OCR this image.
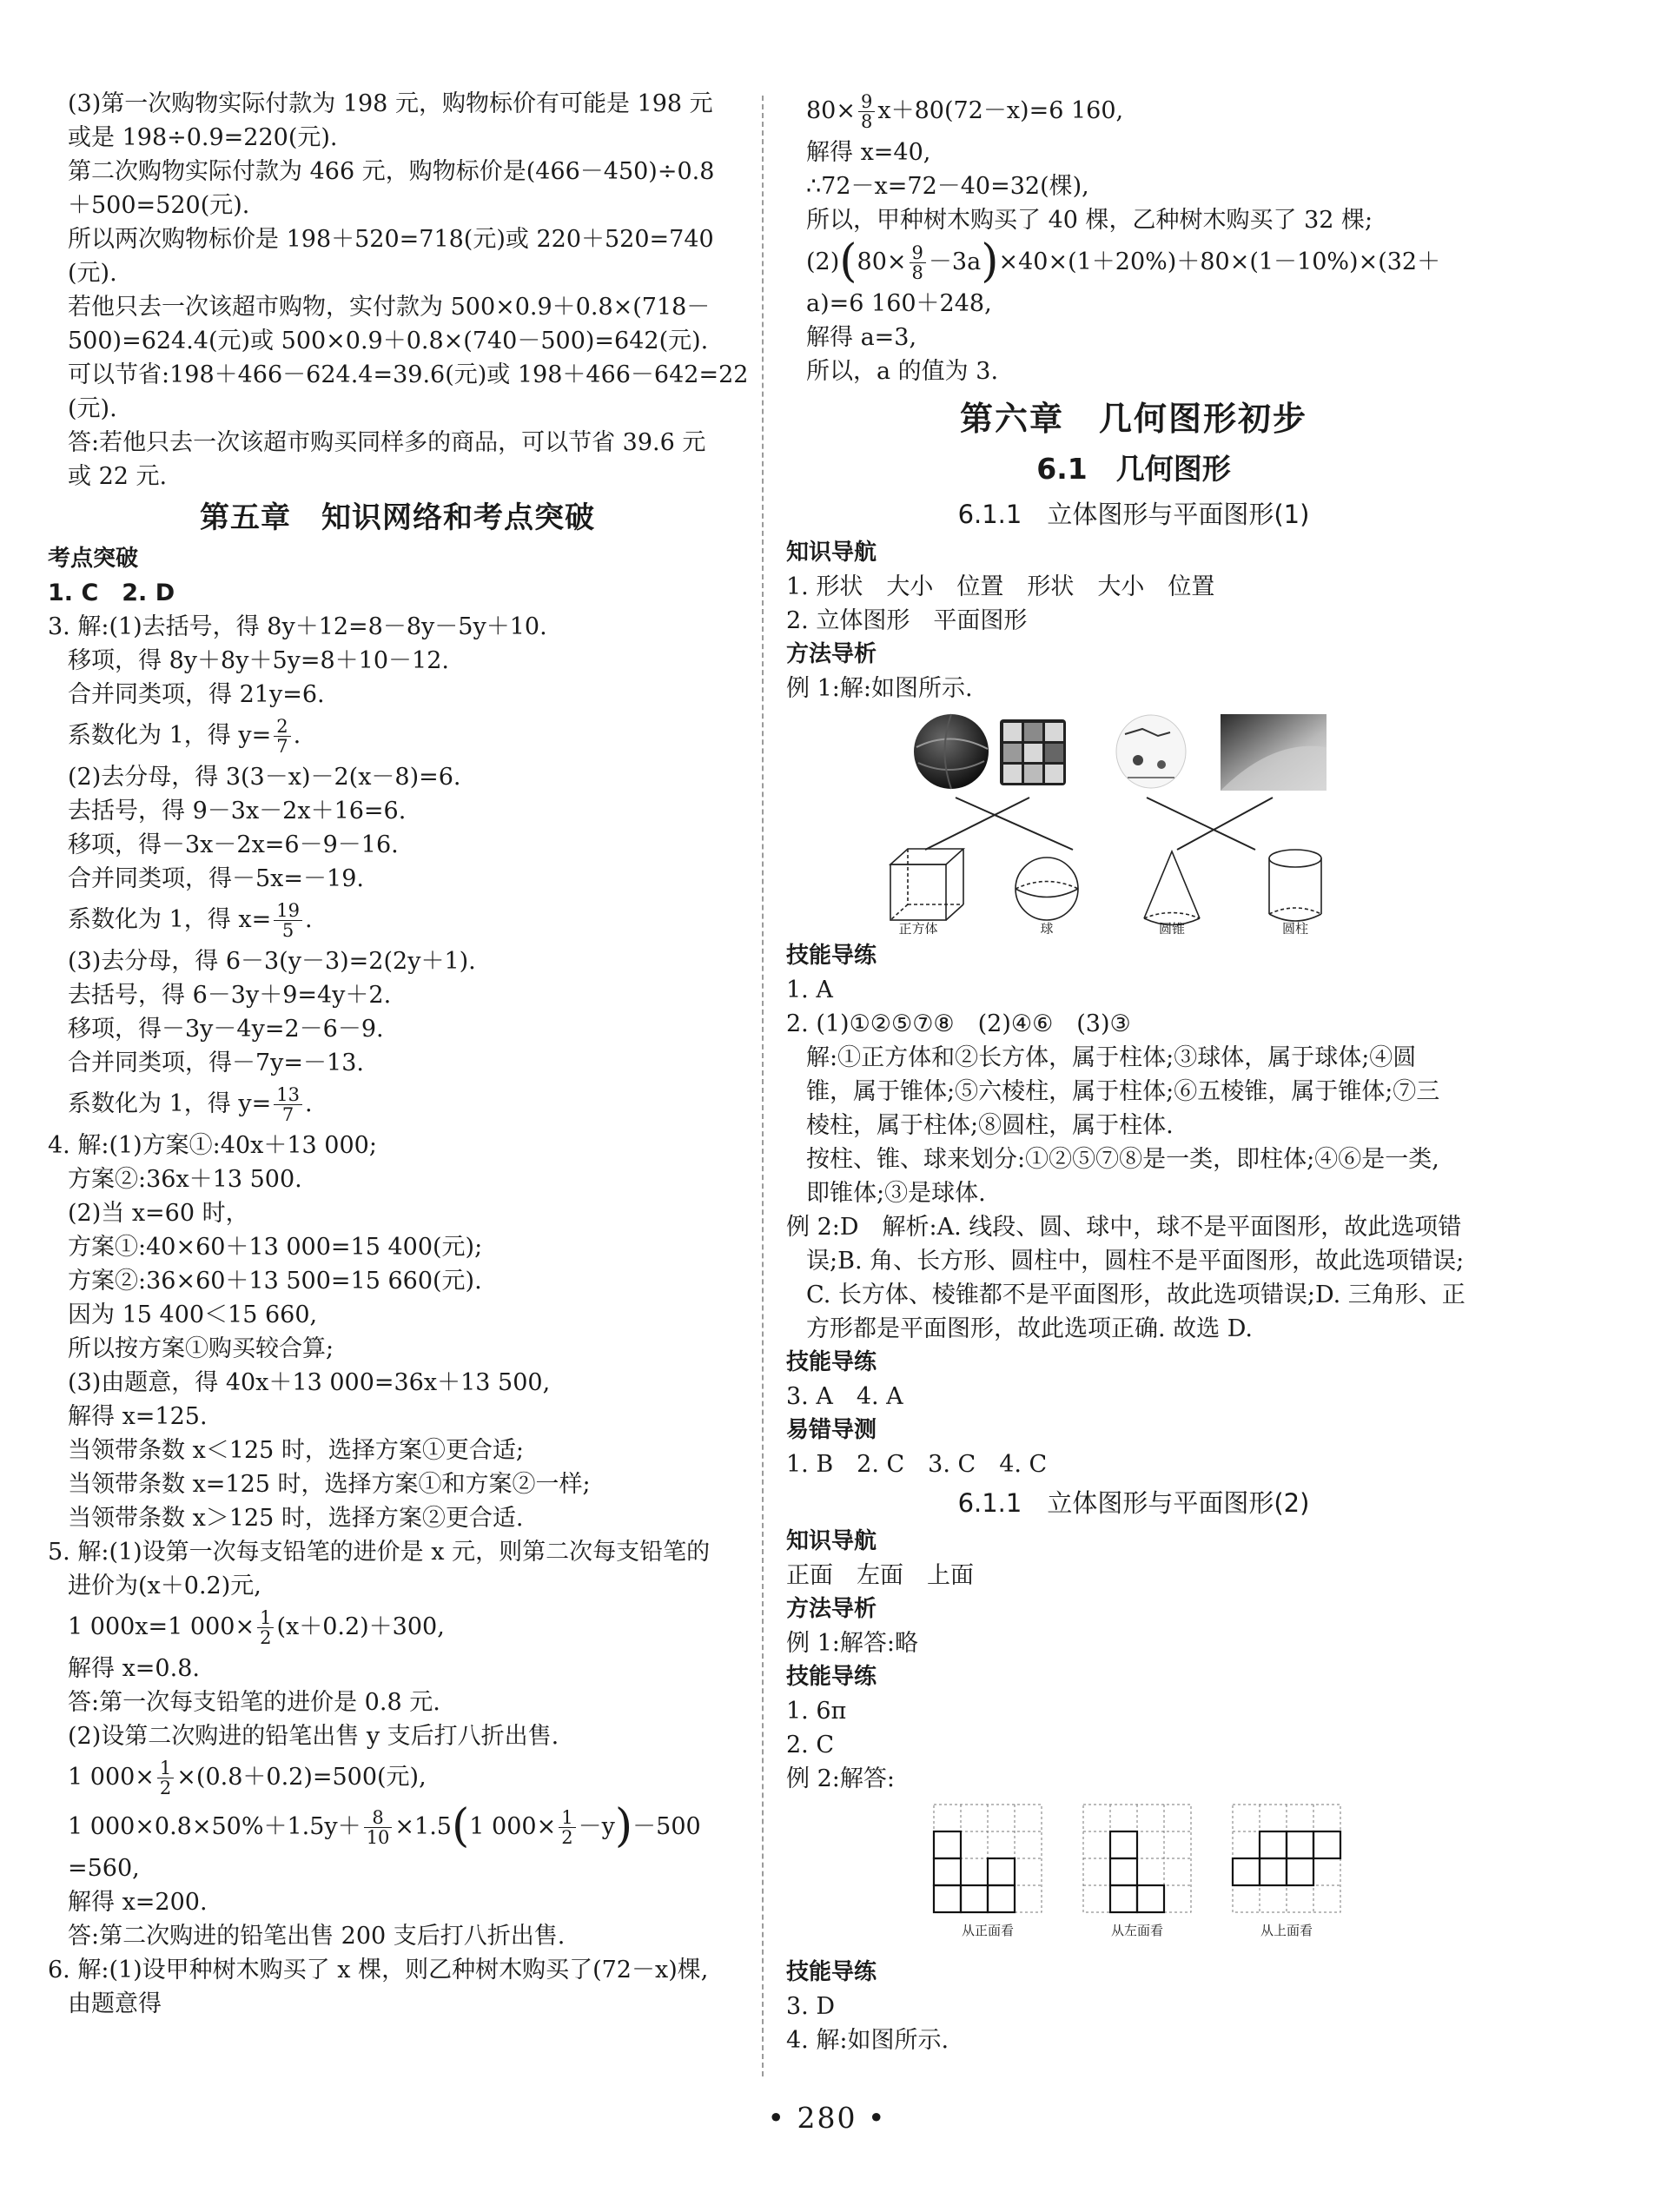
(3)第一次购物实际付款为 198 元，购物标价有可能是 198 元
或是 198÷0.9=220(元).
第二次购物实际付款为 466 元，购物标价是(466－450)÷0.8
＋500=520(元).
所以两次购物标价是 198＋520=718(元)或 220＋520=740
(元).
若他只去一次该超市购物，实付款为 500×0.9＋0.8×(718－
500)=624.4(元)或 500×0.9＋0.8×(740－500)=642(元).
可以节省:198＋466－624.4=39.6(元)或 198＋466－642=22
(元).
答:若他只去一次该超市购买同样多的商品，可以节省 39.6 元
或 22 元.
第五章　知识网络和考点突破
考点突破
1. C　2. D
3. 解:(1)去括号，得 8y＋12=8－8y－5y＋10.
移项，得 8y＋8y＋5y=8＋10－12.
合并同类项，得 21y=6.
系数化为 1，得 $y= \frac{2}{7}$ .
(2)去分母，得 3(3－x)－2(x－8)=6.
去括号，得 9－3x－2x＋16=6.
移项，得－3x－2x=6－9－16.
合并同类项，得－5x=－19.
系数化为 1，得 $x= \frac{19}{5}$ .
(3)去分母，得 6－3(y－3)=2(2y＋1).
去括号，得 6－3y＋9=4y＋2.
移项，得－3y－4y=2－6－9.
合并同类项，得－7y=－13.
系数化为 1，得 $y= \frac{13}{7}$ .
4. 解:(1)方案①:40x＋13 000;
方案②:36x＋13 500.
(2)当 x=60 时，
方案①:40×60＋13 000=15 400(元);
方案②:36×60＋13 500=15 660(元).
因为 15 400＜15 660,
所以按方案①购买较合算;
(3)由题意，得 40x＋13 000=36x＋13 500,
解得 x=125.
当领带条数 x＜125 时，选择方案①更合适;
当领带条数 x=125 时，选择方案①和方案②一样;
当领带条数 x＞125 时，选择方案②更合适.
5. 解:(1)设第一次每支铅笔的进价是 x 元，则第二次每支铅笔的
进价为(x＋0.2)元,
1 000x=1 $000\times \frac{1}{2} (x+0.2)+300$,
解得 x=0.8.
答:第一次每支铅笔的进价是 0.8 元.
(2)设第二次购进的铅笔出售 y 支后打八折出售.
1 $000\times \frac{1}{2} \times(0.8+0.2)=500$(元),
1 $000\times 0.8\times 50\%+1.5y+ \frac{8}{10} \times 1.5(1$ $000\times \frac{1}{2} -y)-500$
=560,
解得 x=200.
答:第二次购进的铅笔出售 200 支后打八折出售.
6. 解:(1)设甲种树木购买了 x 棵，则乙种树木购买了(72－x)棵,
由题意得
$80\times \frac{9}{8} x+80(72-x)=6$ 160,
解得 x=40,
∴72－x=72－40=32(棵),
所以，甲种树木购买了 40 棵，乙种树木购买了 32 棵;
$(2)(80\times \frac{9}{8} -3a)\times 40\times(1+20\%)+80\times(1-10\%)\times(32+$
a)=6 160＋248,
解得 a=3,
所以，a 的值为 3.
第六章　几何图形初步
6.1　几何图形
6.1.1　立体图形与平面图形(1)
知识导航
1. 形状　大小　位置　形状　大小　位置
2. 立体图形　平面图形
方法导析
例 1:解:如图所示.
正方体	球	圆锥	圆柱
技能导练
1. A
2. (1)①②⑤⑦⑧　(2)④⑥　(3)③
解:①正方体和②长方体，属于柱体;③球体，属于球体;④圆
锥，属于锥体;⑤六棱柱，属于柱体;⑥五棱锥，属于锥体;⑦三
棱柱，属于柱体;⑧圆柱，属于柱体.
按柱、锥、球来划分:①②⑤⑦⑧是一类，即柱体;④⑥是一类,
即锥体;③是球体.
例 2:D　解析:A. 线段、圆、球中，球不是平面图形，故此选项错
误;B. 角、长方形、圆柱中，圆柱不是平面图形，故此选项错误;
C. 长方体、棱锥都不是平面图形，故此选项错误;D. 三角形、正
方形都是平面图形，故此选项正确. 故选 D.
技能导练
3. A　4. A
易错导测
1. B　2. C　3. C　4. C
6.1.1　立体图形与平面图形(2)
知识导航
正面　左面　上面
方法导析
例 1:解答:略
技能导练
1. 6π
2. C
例 2:解答:
从正面看	从左面看	从上面看
技能导练
3. D
4. 解:如图所示.
• 280 •
